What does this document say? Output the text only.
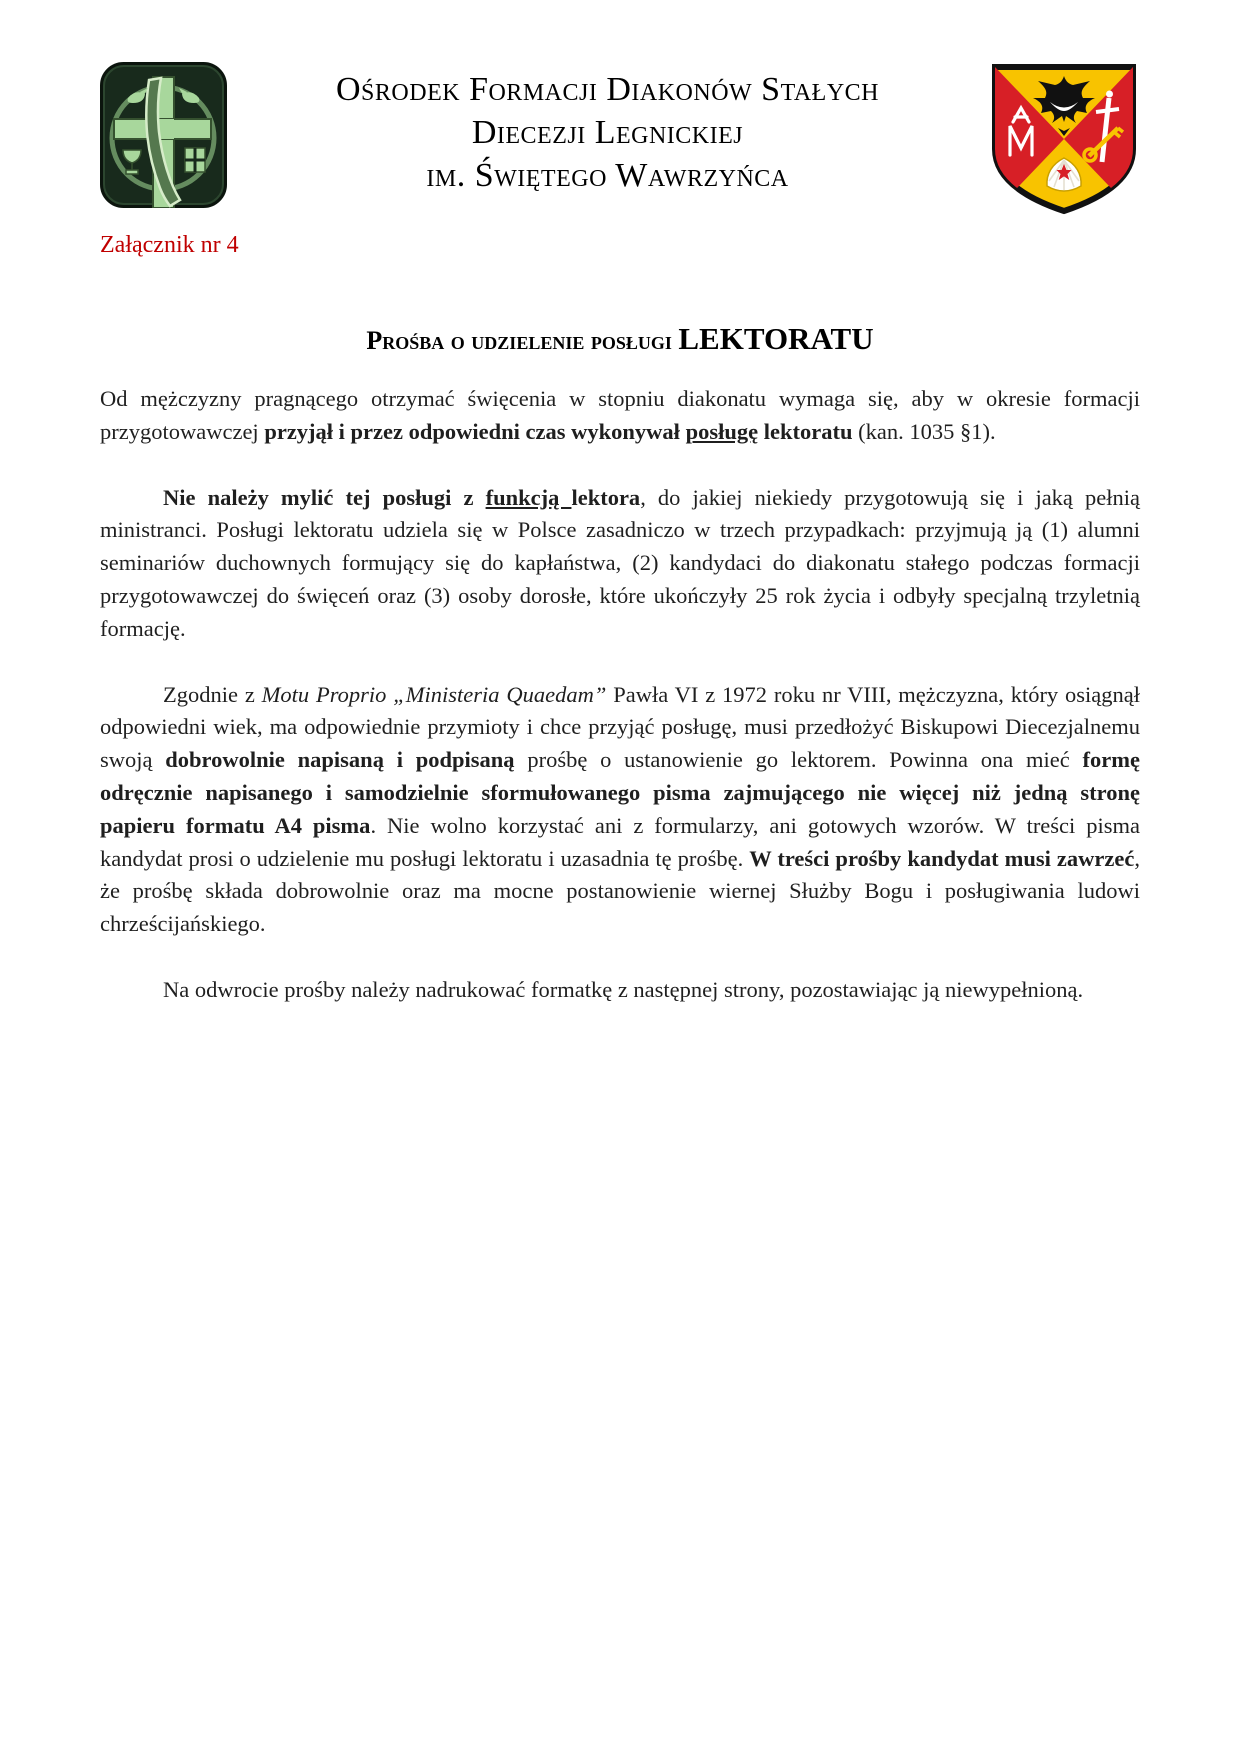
Ośrodek Formacji Diakonów Stałych
Diecezji Legnickiej
im. Świętego Wawrzyńca
Załącznik nr 4
Prośba o udzielenie posługi LEKTORATU

Od mężczyzny pragnącego otrzymać święcenia w stopniu diakonatu wymaga się, aby w okresie formacji przygotowawczej przyjął i przez odpowiedni czas wykonywał posługę lektoratu (kan. 1035 §1).

Nie należy mylić tej posługi z funkcją lektora, do jakiej niekiedy przygotowują się i jaką pełnią ministranci. Posługi lektoratu udziela się w Polsce zasadniczo w trzech przypadkach: przyjmują ją (1) alumni seminariów duchownych formujący się do kapłaństwa, (2) kandydaci do diakonatu stałego podczas formacji przygotowawczej do święceń oraz (3) osoby dorosłe, które ukończyły 25 rok życia i odbyły specjalną trzyletnią formację.

Zgodnie z Motu Proprio „Ministeria Quaedam” Pawła VI z 1972 roku nr VIII, mężczyzna, który osiągnął odpowiedni wiek, ma odpowiednie przymioty i chce przyjąć posługę, musi przedłożyć Biskupowi Diecezjalnemu swoją dobrowolnie napisaną i podpisaną prośbę o ustanowienie go lektorem. Powinna ona mieć formę odręcznie napisanego i samodzielnie sformułowanego pisma zajmującego nie więcej niż jedną stronę papieru formatu A4 pisma. Nie wolno korzystać ani z formularzy, ani gotowych wzorów. W treści pisma kandydat prosi o udzielenie mu posługi lektoratu i uzasadnia tę prośbę. W treści prośby kandydat musi zawrzeć, że prośbę składa dobrowolnie oraz ma mocne postanowienie wiernej Służby Bogu i posługiwania ludowi chrześcijańskiego.

Na odwrocie prośby należy nadrukować formatkę z następnej strony, pozostawiając ją niewypełnioną.
